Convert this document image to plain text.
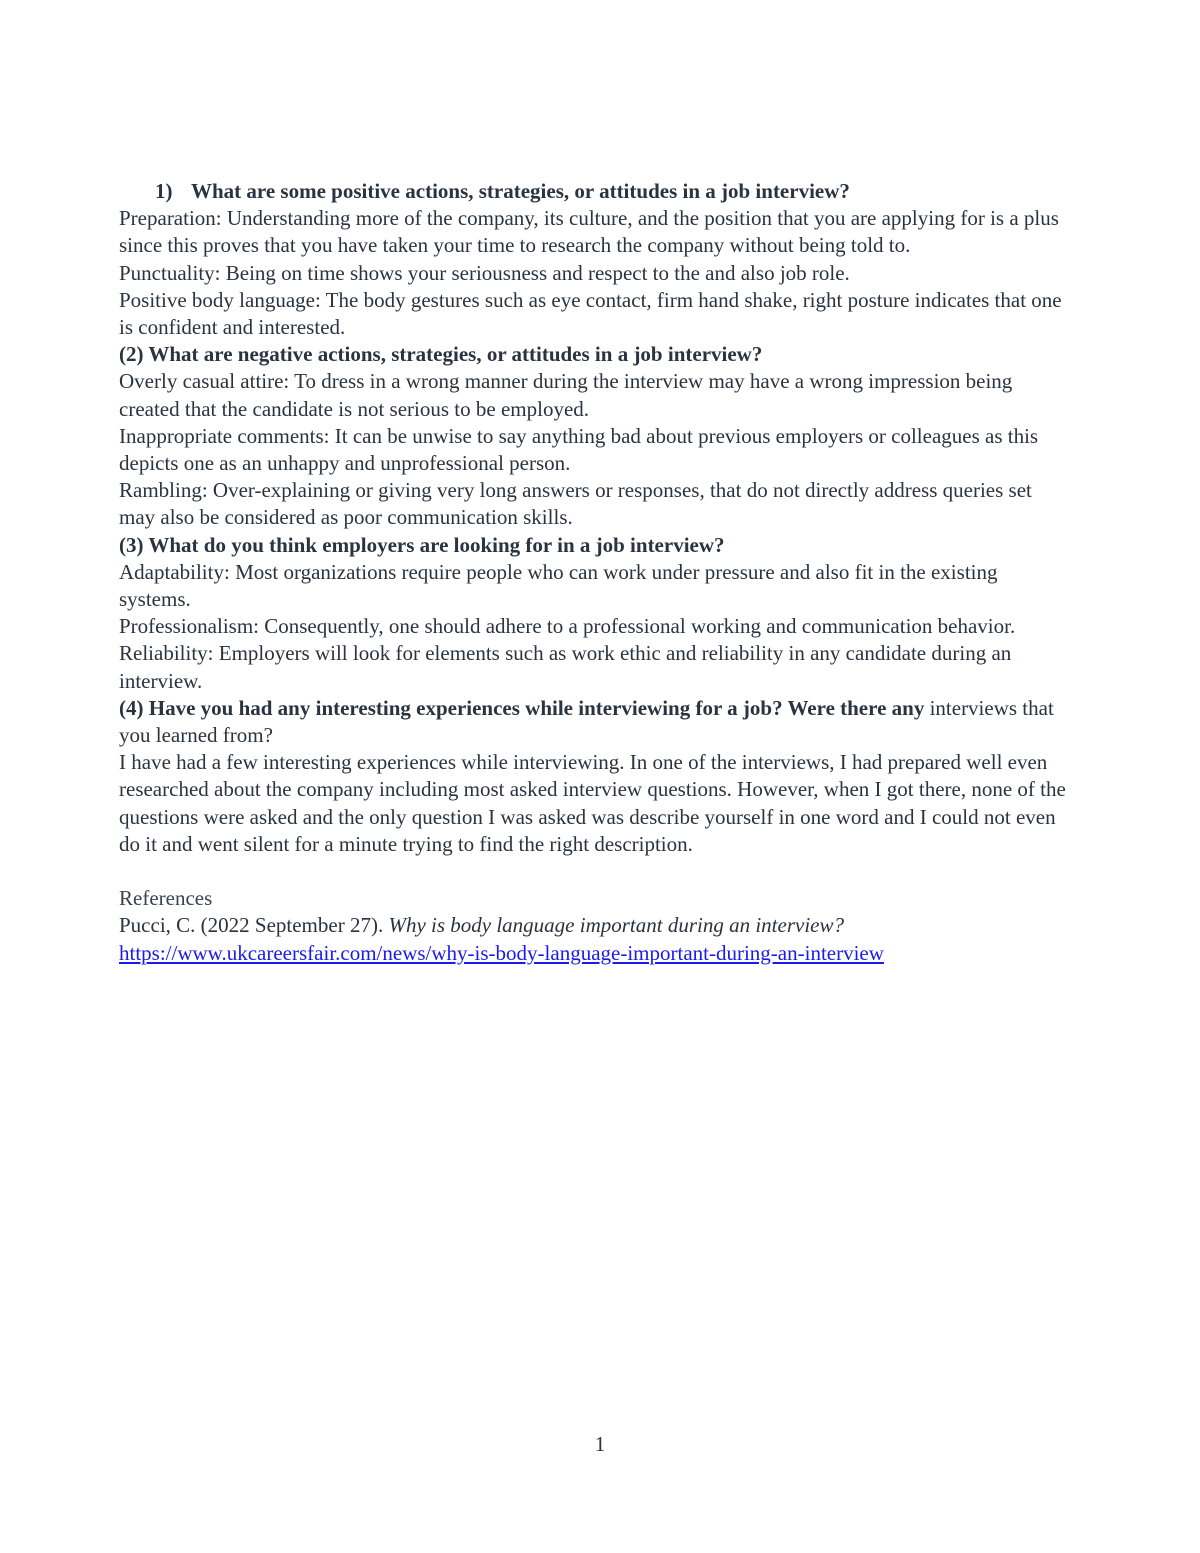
1) What are some positive actions, strategies, or attitudes in a job interview?

Preparation: Understanding more of the company, its culture, and the position that you are applying for is a plus since this proves that you have taken your time to research the company without being told to.

Punctuality: Being on time shows your seriousness and respect to the and also job role.

Positive body language: The body gestures such as eye contact, firm hand shake, right posture indicates that one is confident and interested.

(2) What are negative actions, strategies, or attitudes in a job interview?

Overly casual attire: To dress in a wrong manner during the interview may have a wrong impression being created that the candidate is not serious to be employed.

Inappropriate comments: It can be unwise to say anything bad about previous employers or colleagues as this depicts one as an unhappy and unprofessional person.

Rambling: Over-explaining or giving very long answers or responses, that do not directly address queries set may also be considered as poor communication skills.

(3) What do you think employers are looking for in a job interview?

Adaptability: Most organizations require people who can work under pressure and also fit in the existing systems.

Professionalism: Consequently, one should adhere to a professional working and communication behavior.

Reliability: Employers will look for elements such as work ethic and reliability in any candidate during an interview.

(4) Have you had any interesting experiences while interviewing for a job? Were there any interviews that you learned from?

I have had a few interesting experiences while interviewing. In one of the interviews, I had prepared well even researched about the company including most asked interview questions. However, when I got there, none of the questions were asked and the only question I was asked was describe yourself in one word and I could not even do it and went silent for a minute trying to find the right description.

References

Pucci, C. (2022 September 27). Why is body language important during an interview?

https://www.ukcareersfair.com/news/why-is-body-language-important-during-an-interview

1
